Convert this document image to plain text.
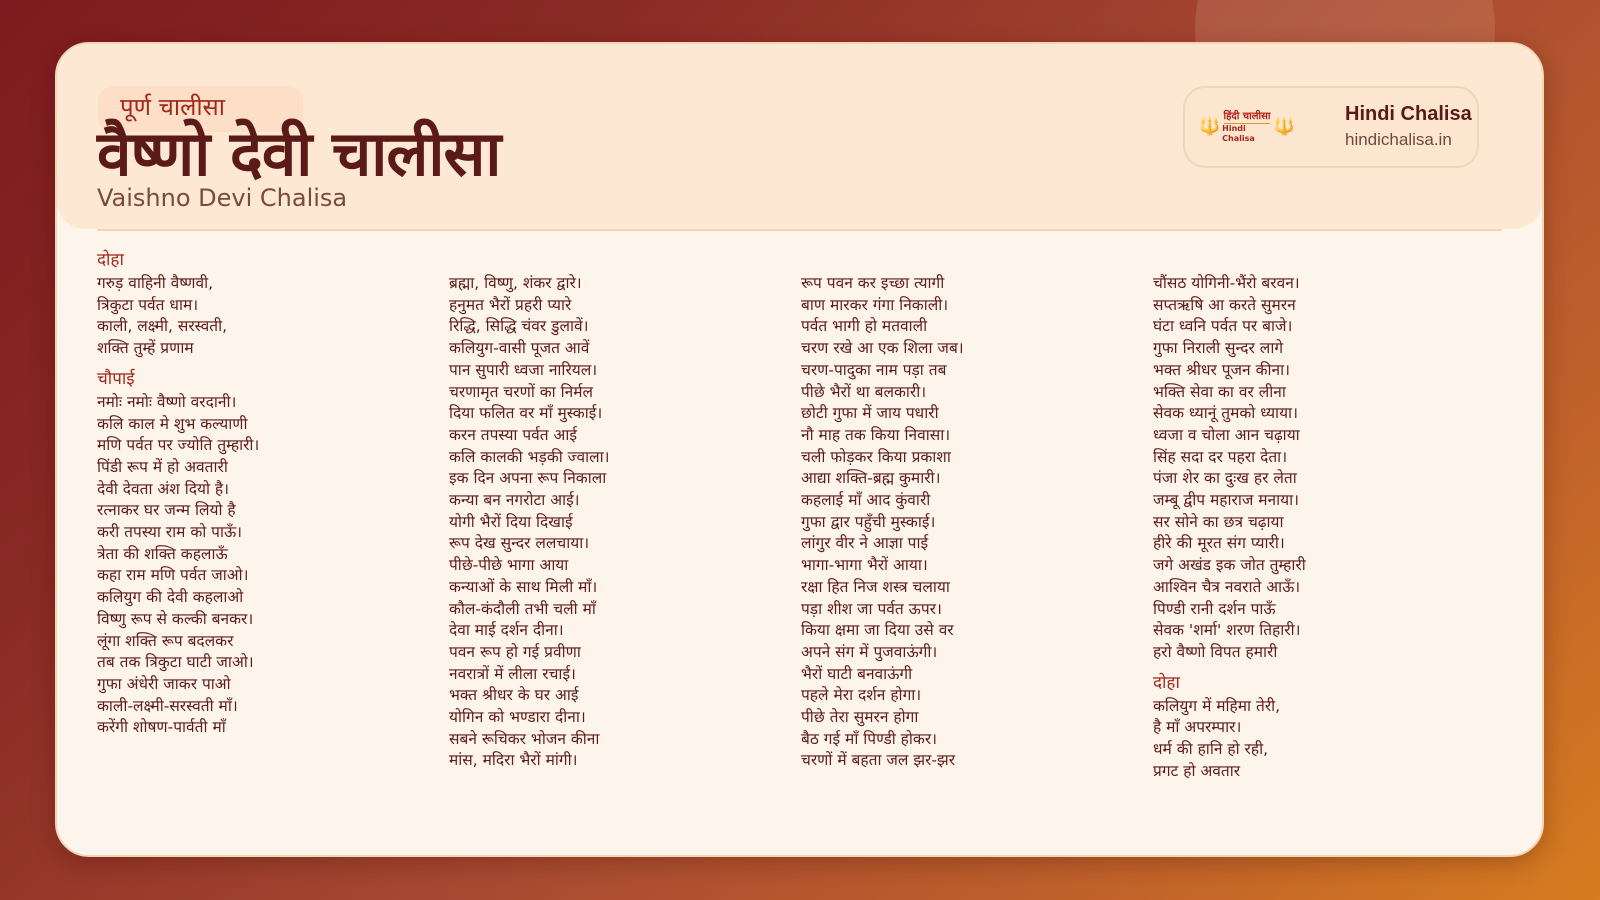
पूर्ण चालीसा
वैष्णो देवी चालीसा
Vaishno Devi Chalisa
🔱
हिंदी चालीसा
Hindi Chalisa
🔱
Hindi Chalisa
hindichalisa.in
दोहा
गरुड़ वाहिनी वैष्णवी,
त्रिकुटा पर्वत धाम।
काली, लक्ष्मी, सरस्वती,
शक्ति तुम्हें प्रणाम
चौपाई
नमोः नमोः वैष्णो वरदानी।
कलि काल मे शुभ कल्याणी
मणि पर्वत पर ज्योति तुम्हारी।
पिंडी रूप में हो अवतारी
देवी देवता अंश दियो है।
रत्नाकर घर जन्म लियो है
करी तपस्या राम को पाऊँ।
त्रेता की शक्ति कहलाऊँ
कहा राम मणि पर्वत जाओ।
कलियुग की देवी कहलाओ
विष्णु रूप से कल्की बनकर।
लूंगा शक्ति रूप बदलकर
तब तक त्रिकुटा घाटी जाओ।
गुफा अंधेरी जाकर पाओ
काली-लक्ष्मी-सरस्वती माँ।
करेंगी शोषण-पार्वती माँ

ब्रह्मा, विष्णु, शंकर द्वारे।
हनुमत भैरों प्रहरी प्यारे
रिद्धि, सिद्धि चंवर डुलावें।
कलियुग-वासी पूजत आवें
पान सुपारी ध्वजा नारियल।
चरणामृत चरणों का निर्मल
दिया फलित वर माँ मुस्काई।
करन तपस्या पर्वत आई
कलि कालकी भड़की ज्वाला।
इक दिन अपना रूप निकाला
कन्या बन नगरोटा आई।
योगी भैरों दिया दिखाई
रूप देख सुन्दर ललचाया।
पीछे-पीछे भागा आया
कन्याओं के साथ मिली माँ।
कौल-कंदौली तभी चली माँ
देवा माई दर्शन दीना।
पवन रूप हो गई प्रवीणा
नवरात्रों में लीला रचाई।
भक्त श्रीधर के घर आई
योगिन को भण्डारा दीना।
सबने रूचिकर भोजन कीना
मांस, मदिरा भैरों मांगी।

रूप पवन कर इच्छा त्यागी
बाण मारकर गंगा निकाली।
पर्वत भागी हो मतवाली
चरण रखे आ एक शिला जब।
चरण-पादुका नाम पड़ा तब
पीछे भैरों था बलकारी।
छोटी गुफा में जाय पधारी
नौ माह तक किया निवासा।
चली फोड़कर किया प्रकाशा
आद्या शक्ति-ब्रह्म कुमारी।
कहलाई माँ आद कुंवारी
गुफा द्वार पहुँची मुस्काई।
लांगुर वीर ने आज्ञा पाई
भागा-भागा भैरों आया।
रक्षा हित निज शस्त्र चलाया
पड़ा शीश जा पर्वत ऊपर।
किया क्षमा जा दिया उसे वर
अपने संग में पुजवाऊंगी।
भैरों घाटी बनवाऊंगी
पहले मेरा दर्शन होगा।
पीछे तेरा सुमरन होगा
बैठ गई माँ पिण्डी होकर।
चरणों में बहता जल झर-झर

चौंसठ योगिनी-भैंरो बरवन।
सप्तऋषि आ करते सुमरन
घंटा ध्वनि पर्वत पर बाजे।
गुफा निराली सुन्दर लागे
भक्त श्रीधर पूजन कीना।
भक्ति सेवा का वर लीना
सेवक ध्यानूं तुमको ध्याया।
ध्वजा व चोला आन चढ़ाया
सिंह सदा दर पहरा देता।
पंजा शेर का दुःख हर लेता
जम्बू द्वीप महाराज मनाया।
सर सोने का छत्र चढ़ाया
हीरे की मूरत संग प्यारी।
जगे अखंड इक जोत तुम्हारी
आश्विन चैत्र नवराते आऊँ।
पिण्डी रानी दर्शन पाऊँ
सेवक 'शर्मा' शरण तिहारी।
हरो वैष्णो विपत हमारी
दोहा
कलियुग में महिमा तेरी,
है माँ अपरम्पार।
धर्म की हानि हो रही,
प्रगट हो अवतार
